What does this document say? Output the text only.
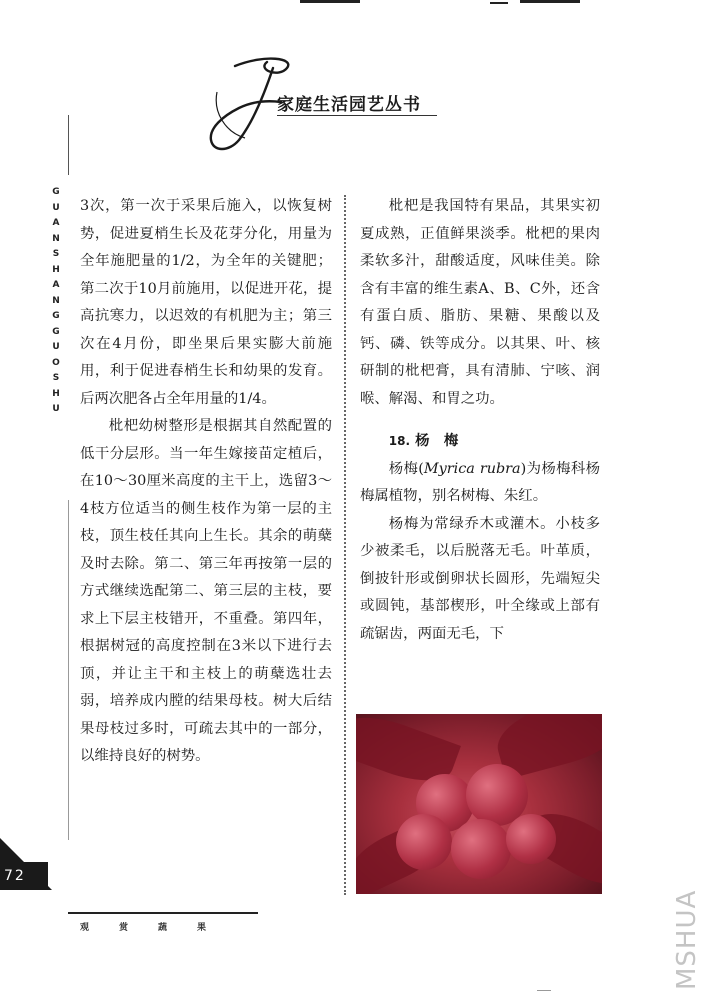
家庭生活园艺丛书
GUANSHANGGUOSHU

3次，第一次于采果后施入，以恢复树势，促进夏梢生长及花芽分化，用量为全年施肥量的1/2，为全年的关键肥；第二次于10月前施用，以促进开花，提高抗寒力，以迟效的有机肥为主；第三次在4月份，即坐果后果实膨大前施用，利于促进春梢生长和幼果的发育。后两次肥各占全年用量的1/4。

枇杷幼树整形是根据其自然配置的低干分层形。当一年生嫁接苗定植后，在10～30厘米高度的主干上，选留3～4枝方位适当的侧生枝作为第一层的主枝，顶生枝任其向上生长。其余的萌蘖及时去除。第二、第三年再按第一层的方式继续选配第二、第三层的主枝，要求上下层主枝错开，不重叠。第四年，根据树冠的高度控制在3米以下进行去顶，并让主干和主枝上的萌蘖选壮去弱，培养成内膛的结果母枝。树大后结果母枝过多时，可疏去其中的一部分，以维持良好的树势。

枇杷是我国特有果品，其果实初夏成熟，正值鲜果淡季。枇杷的果肉柔软多汁，甜酸适度，风味佳美。除含有丰富的维生素A、B、C外，还含有蛋白质、脂肪、果糖、果酸以及钙、磷、铁等成分。以其果、叶、核研制的枇杷膏，具有清肺、宁咳、润喉、解渴、和胃之功。

18. 杨　梅

杨梅(Myrica rubra)为杨梅科杨梅属植物，别名树梅、朱红。

杨梅为常绿乔木或灌木。小枝多少被柔毛，以后脱落无毛。叶革质，倒披针形或倒卵状长圆形，先端短尖或圆钝，基部楔形，叶全缘或上部有疏锯齿，两面无毛，下

72
观赏蔬果	MSHUA
